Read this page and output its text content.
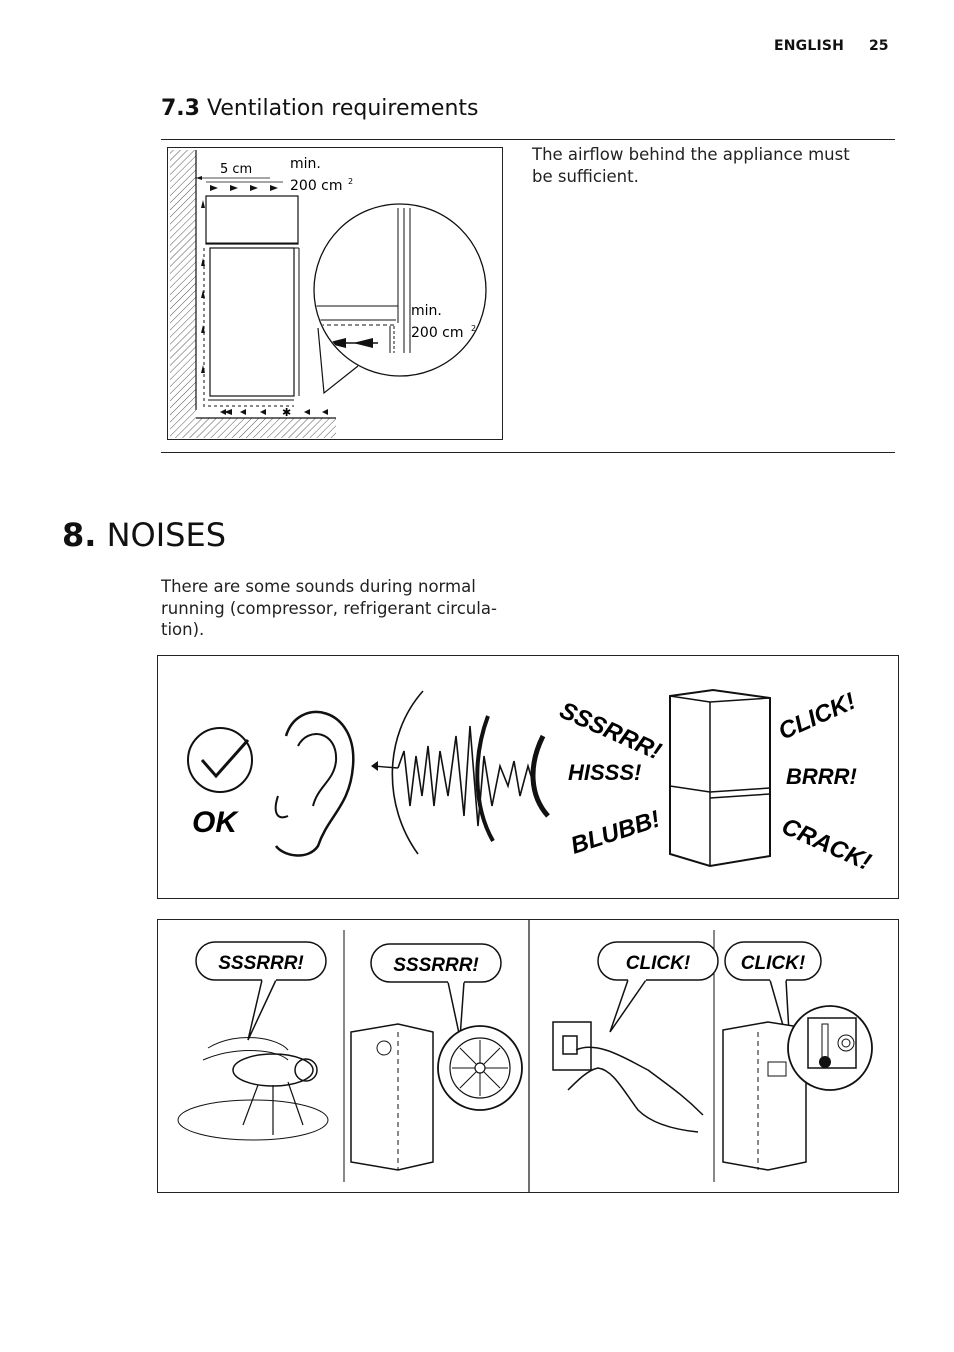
ENGLISH 25
7.3 Ventilation requirements
The airflow behind the appliance must be sufficient.
5 cm	min.
200 cm 2
✱
min.
200 cm 2
8. NOISES
There are some sounds during normal
running (compressor, refrigerant circula-
tion).
OK
SSSRRR!
HISSS!
BLUBB!
CLICK!
BRRR!
CRACK!
SSSRRR!	SSSRRR!	CLICK!	CLICK!
